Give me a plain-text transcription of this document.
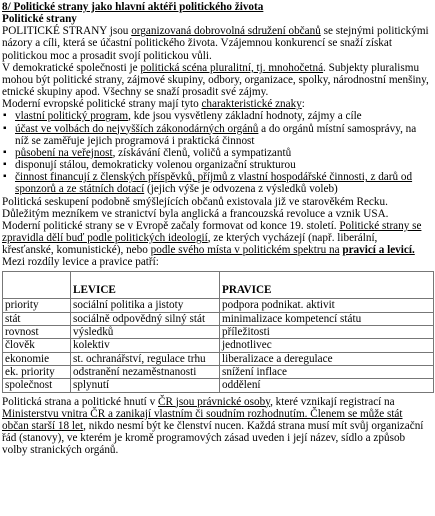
8/ Politické strany jako hlavní aktéři politického života

Politické strany

POLITICKÉ STRANY jsou organizovaná dobrovolná sdružení občanů se stejnými politickými názory a cíli, která se účastní politického života. Vzájemnou konkurencí se snaží získat politickou moc a prosadit svojí politickou vůli.

V demokratické společnosti je politická scéna pluralitní, tj. mnohočetná. Subjekty pluralismu mohou být politické strany, zájmové skupiny, odbory, organizace, spolky, národnostní menšiny, etnické skupiny apod. Všechny se snaží prosadit své zájmy.

Moderní evropské politické strany mají tyto charakteristické znaky:

▪ vlastní politický program, kde jsou vysvětleny základní hodnoty, zájmy a cíle
▪ účast ve volbách do nejvyšších zákonodárných orgánů a do orgánů místní samosprávy, na níž se zaměřuje jejich programová i praktická činnost
▪ působení na veřejnost, získávání členů, voličů a sympatizantů
▪ disponují stálou, demokraticky volenou organizační strukturou
▪ činnost financují z členských příspěvků, příjmů z vlastní hospodářské činnosti, z darů od sponzorů a ze státních dotací (jejich výše je odvozena z výsledků voleb)

Politická seskupení podobně smýšlejících občanů existovala již ve starověkém Recku. Důležitým mezníkem ve stranictví byla anglická a francouzská revoluce a vznik USA.

Moderní politické strany se v Evropě začaly formovat od konce 19. století. Politické strany se zpravidla dělí buď podle politických ideologií, ze kterých vycházejí (např. liberální, křesťanské, komunistické), nebo podle svého místa v politickém spektru na pravicí a levicí.

Mezi rozdíly levice a pravice patří:

	LEVICE	PRAVICE
priority	sociální politika a jistoty	podpora podnikat. aktivit
stát	sociálně odpovědný silný stát	minimalizace kompetencí státu
rovnost	výsledků	příležitosti
člověk	kolektiv	jednotlivec
ekonomie	st. ochranářství, regulace trhu	liberalizace a deregulace
ek. priority	odstranění nezaměstnanosti	snížení inflace
společnost	splynutí	oddělení

Politická strana a politické hnutí v ČR jsou právnické osoby, které vznikají registrací na Ministerstvu vnitra ČR a zanikají vlastním či soudním rozhodnutím. Členem se může stát občan starší 18 let, nikdo nesmí být ke členství nucen. Každá strana musí mít svůj organizační řád (stanovy), ve kterém je kromě programových zásad uveden i její název, sídlo a způsob volby stranických orgánů.
